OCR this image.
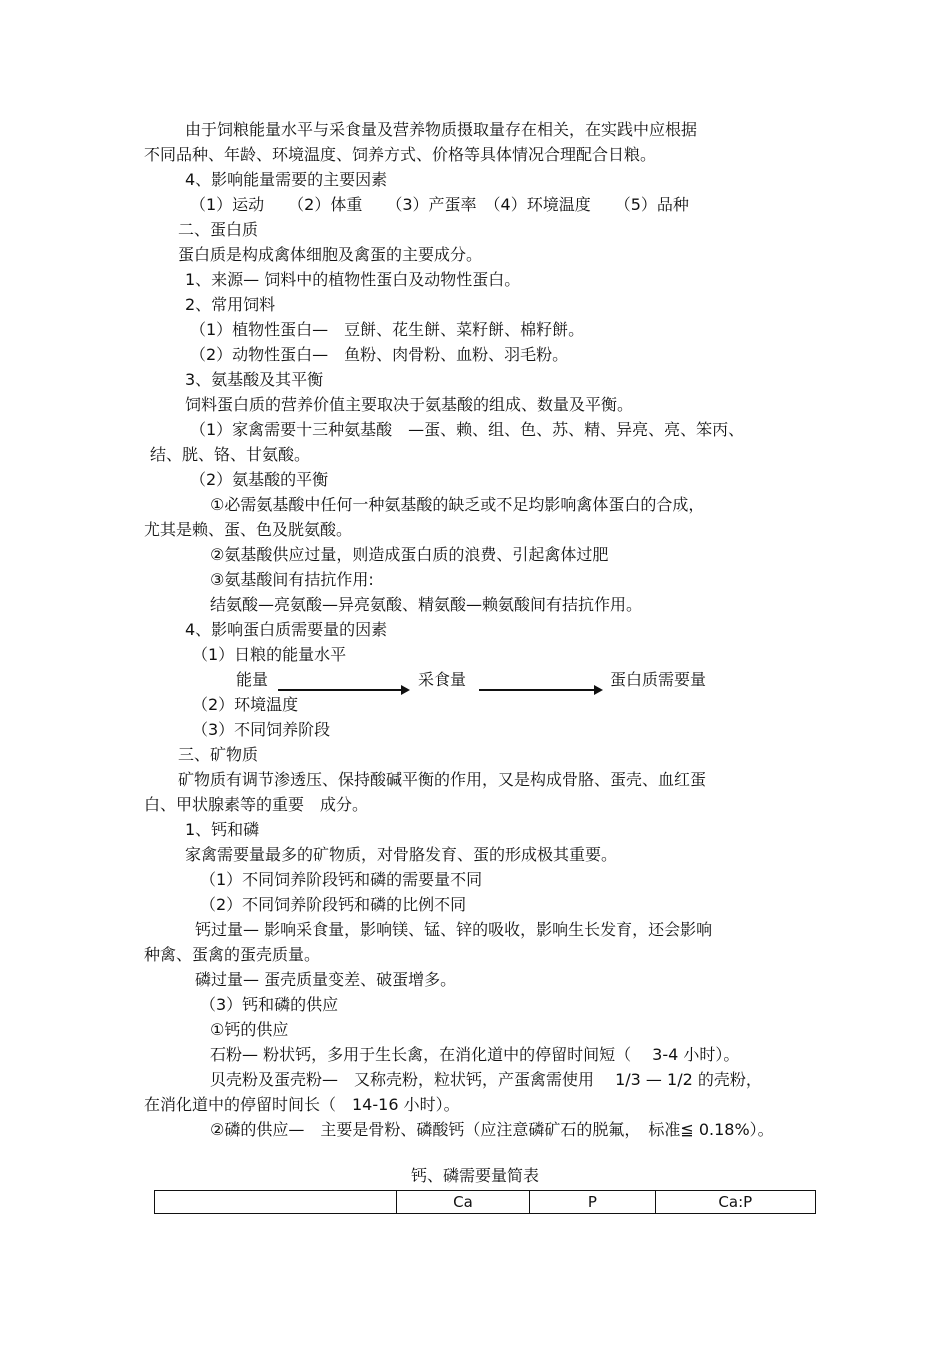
由于饲粮能量水平与采食量及营养物质摄取量存在相关，在实践中应根据
不同品种、年龄、环境温度、饲养方式、价格等具体情况合理配合日粮。
4、影响能量需要的主要因素
（1）运动　　（2）体重　　（3）产蛋率　（4）环境温度　　（5）品种
二、蛋白质
蛋白质是构成禽体细胞及禽蛋的主要成分。
1、来源— 饲料中的植物性蛋白及动物性蛋白。
2、常用饲料
（1）植物性蛋白—　豆餅、花生餅、菜籽餅、棉籽餅。
（2）动物性蛋白—　鱼粉、肉骨粉、血粉、羽毛粉。
3、氨基酸及其平衡
饲料蛋白质的营养价值主要取决于氨基酸的组成、数量及平衡。
（1）家禽需要十三种氨基酸　—蛋、赖、组、色、苏、精、异亮、亮、笨丙、
结、胱、铬、甘氨酸。
（2）氨基酸的平衡
①必需氨基酸中任何一种氨基酸的缺乏或不足均影响禽体蛋白的合成，
尤其是赖、蛋、色及胱氨酸。
②氨基酸供应过量，则造成蛋白质的浪费、引起禽体过肥
③氨基酸间有拮抗作用:
结氨酸—亮氨酸—异亮氨酸、精氨酸—赖氨酸间有拮抗作用。
4、影响蛋白质需要量的因素
（1）日粮的能量水平
能量	采食量	蛋白质需要量
（2）环境温度
（3）不同饲养阶段
三、矿物质
矿物质有调节渗透压、保持酸碱平衡的作用，又是构成骨胳、蛋壳、血红蛋
白、甲状腺素等的重要　成分。
1、钙和磷
家禽需要量最多的矿物质，对骨胳发育、蛋的形成极其重要。
（1）不同饲养阶段钙和磷的需要量不同
（2）不同饲养阶段钙和磷的比例不同
钙过量— 影响采食量，影响镁、锰、锌的吸收，影响生长发育，还会影响
种禽、蛋禽的蛋壳质量。
磷过量— 蛋壳质量变差、破蛋增多。
（3）钙和磷的供应
①钙的供应
石粉— 粉状钙，多用于生长禽，在消化道中的停留时间短（　 3-4 小时）。
贝壳粉及蛋壳粉—　又称壳粉，粒状钙，产蛋禽需使用　 1/3 — 1/2 的壳粉，
在消化道中的停留时间长（　14-16 小时）。
②磷的供应—　主要是骨粉、磷酸钙（应注意磷矿石的脱氟，　标准≦ 0.18%）。
钙、磷需要量简表
	Ca	P	Ca:P
